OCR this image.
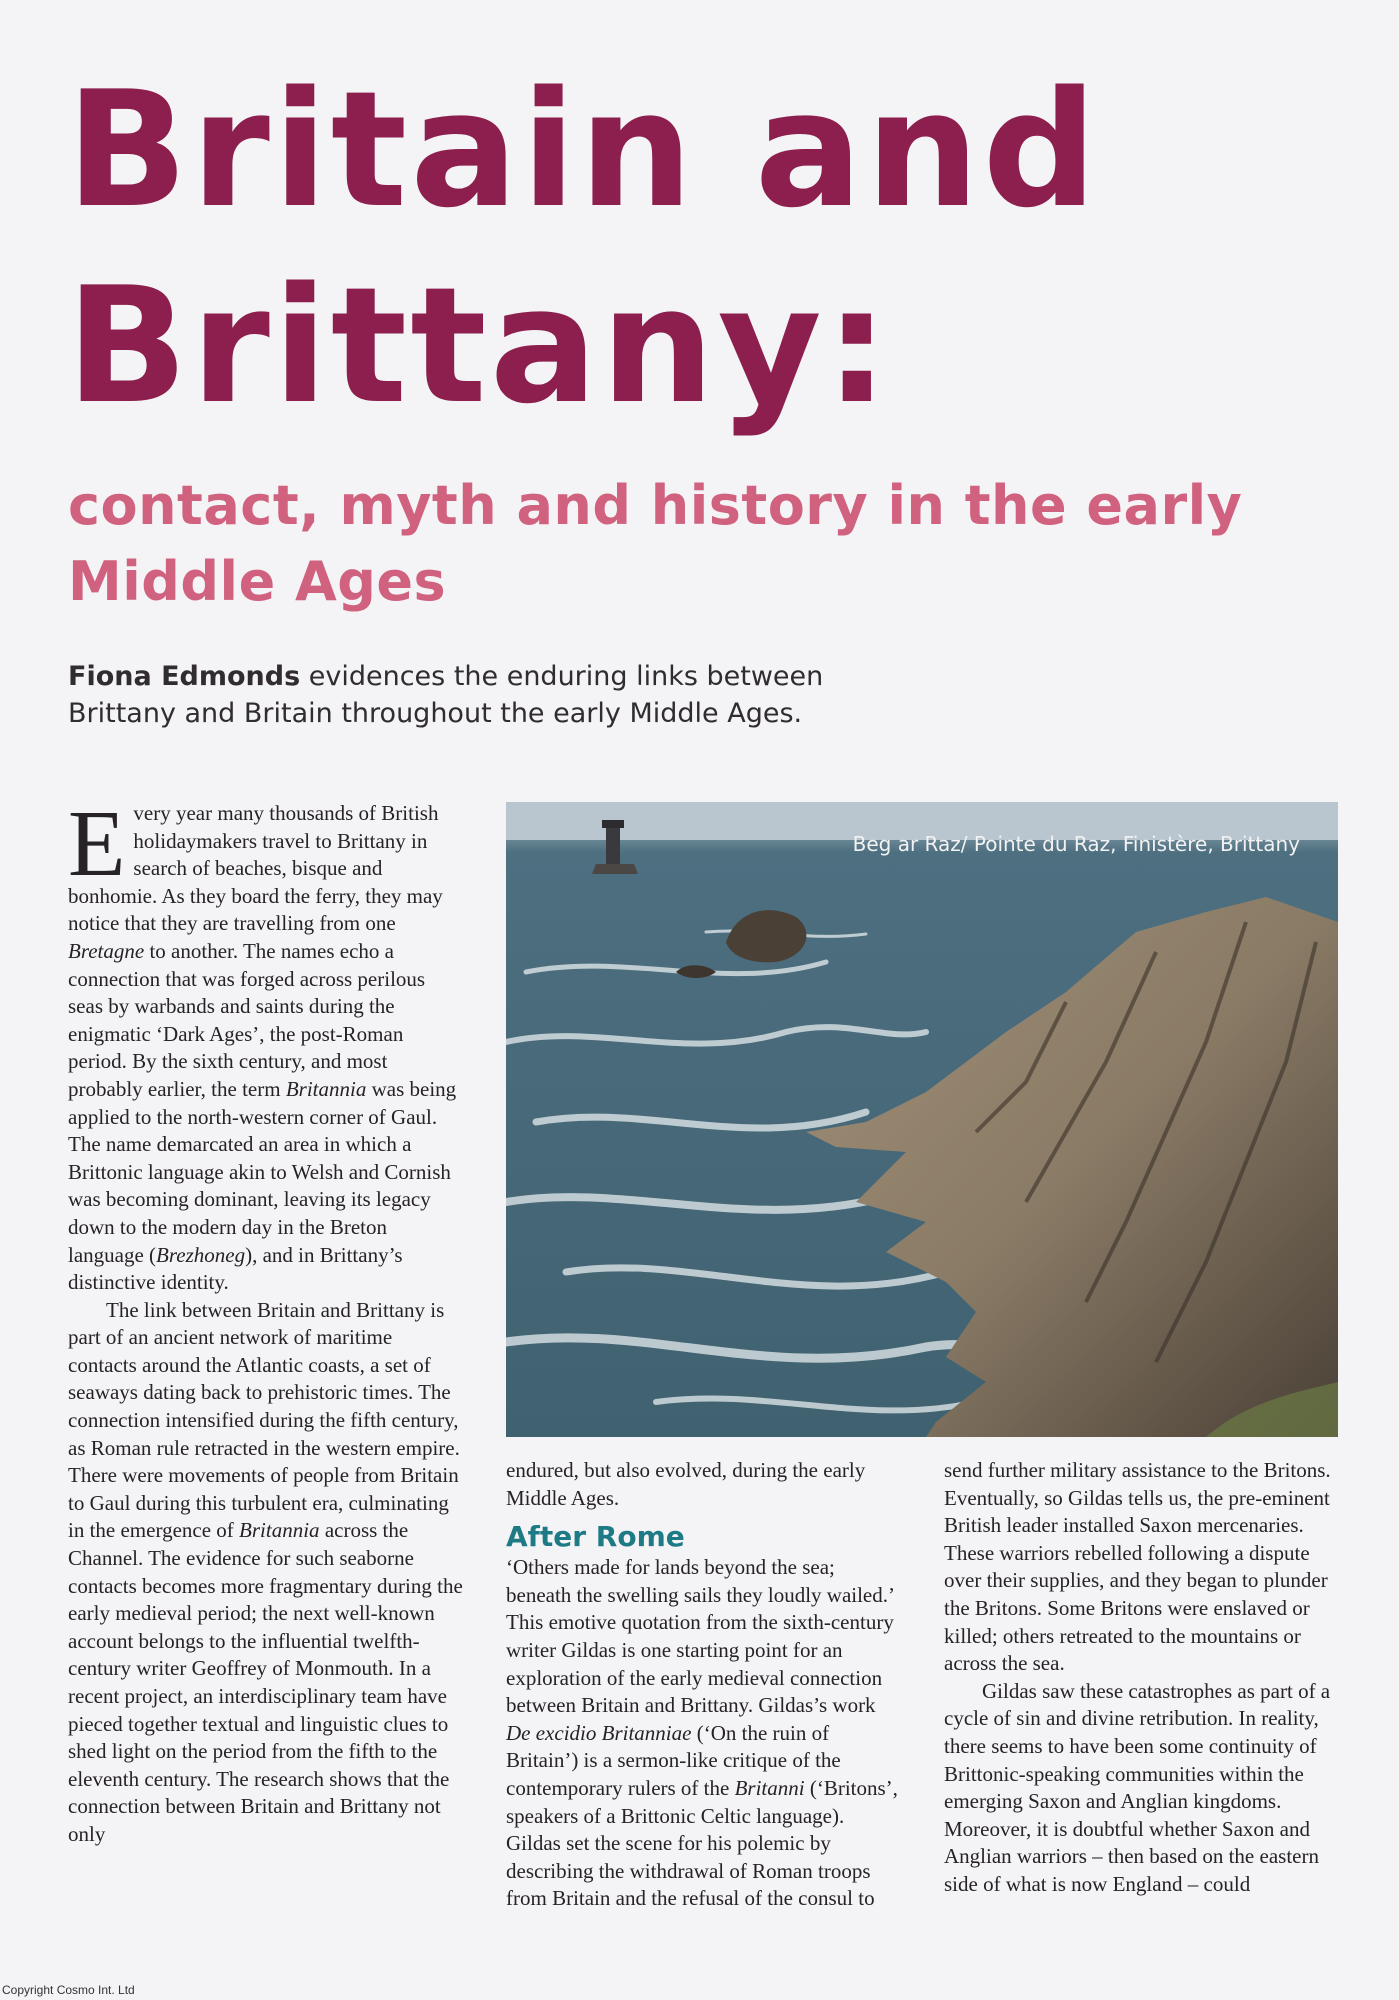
Britain and
Brittany:
contact, myth and history in the early Middle Ages

Fiona Edmonds evidences the enduring links between Brittany and Britain throughout the early Middle Ages.

Every year many thousands of British holidaymakers travel to Brittany in search of beaches, bisque and bonhomie. As they board the ferry, they may notice that they are travelling from one Bretagne to another. The names echo a connection that was forged across perilous seas by warbands and saints during the enigmatic ‘Dark Ages’, the post-Roman period. By the sixth century, and most probably earlier, the term Britannia was being applied to the north-western corner of Gaul. The name demarcated an area in which a Brittonic language akin to Welsh and Cornish was becoming dominant, leaving its legacy down to the modern day in the Breton language (Brezhoneg), and in Brittany’s distinctive identity.

The link between Britain and Brittany is part of an ancient network of maritime contacts around the Atlantic coasts, a set of seaways dating back to prehistoric times. The connection intensified during the fifth century, as Roman rule retracted in the western empire. There were movements of people from Britain to Gaul during this turbulent era, culminating in the emergence of Britannia across the Channel. The evidence for such seaborne contacts becomes more fragmentary during the early medieval period; the next well-known account belongs to the influential twelfth-century writer Geoffrey of Monmouth. In a recent project, an interdisciplinary team have pieced together textual and linguistic clues to shed light on the period from the fifth to the eleventh century. The research shows that the connection between Britain and Brittany not only

Beg ar Raz/ Pointe du Raz, Finistère, Brittany

endured, but also evolved, during the early Middle Ages.

After Rome

‘Others made for lands beyond the sea; beneath the swelling sails they loudly wailed.’ This emotive quotation from the sixth-century writer Gildas is one starting point for an exploration of the early medieval connection between Britain and Brittany. Gildas’s work De excidio Britanniae (‘On the ruin of Britain’) is a sermon-like critique of the contemporary rulers of the Britanni (‘Britons’, speakers of a Brittonic Celtic language). Gildas set the scene for his polemic by describing the withdrawal of Roman troops from Britain and the refusal of the consul to

send further military assistance to the Britons. Eventually, so Gildas tells us, the pre-eminent British leader installed Saxon mercenaries. These warriors rebelled following a dispute over their supplies, and they began to plunder the Britons. Some Britons were enslaved or killed; others retreated to the mountains or across the sea.

Gildas saw these catastrophes as part of a cycle of sin and divine retribution. In reality, there seems to have been some continuity of Brittonic-speaking communities within the emerging Saxon and Anglian kingdoms. Moreover, it is doubtful whether Saxon and Anglian warriors – then based on the eastern side of what is now England – could

Copyright Cosmo Int. Ltd
